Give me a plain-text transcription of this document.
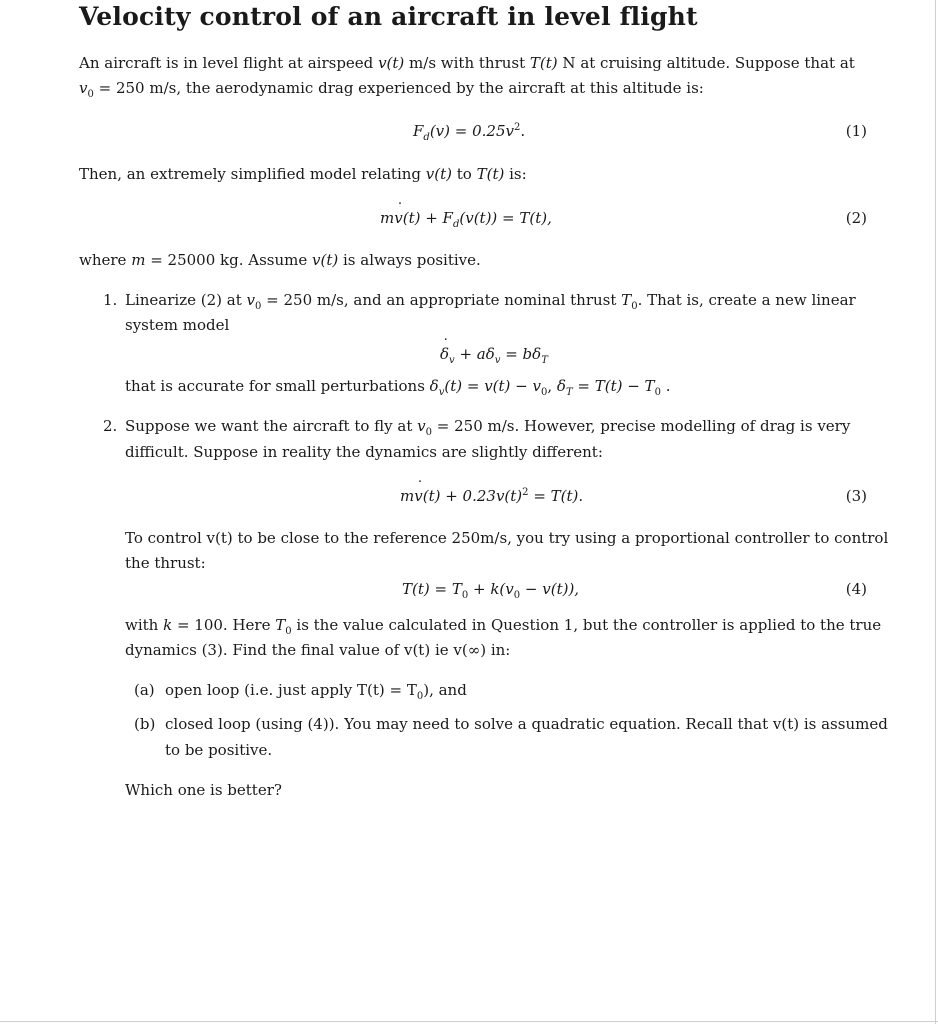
Velocity control of an aircraft in level flight
An aircraft is in level flight at airspeed v(t) m/s with thrust T(t) N at cruising altitude. Suppose that at
$v_0 = 250$ m/s, the aerodynamic drag experienced by the aircraft at this altitude is:
$F_d(v) = 0.25v^2$.	(1)
Then, an extremely simplified model relating v(t) to T(t) is:
m˙ $v(t) + F_d(v(t)) = T(t)$,	(2)
where m = 25000 kg. Assume v(t) is always positive.
1. Linearize (2) at $v_0 = 250$ m/s, and an appropriate nominal thrust $T_0$. That is, create a new linear
system model
˙ $\delta_v + a\delta_v = b\delta_T$
that is accurate for small perturbations $\delta_v(t) = v(t) - v_0$, $\delta_T = T(t) - T_0$ .
2. Suppose we want the aircraft to fly at $v_0 = 250$ m/s. However, precise modelling of drag is very
difficult. Suppose in reality the dynamics are slightly different:
m˙ $v(t) + 0.23v(t)^2 = T(t)$.	(3)
To control v(t) to be close to the reference 250m/s, you try using a proportional controller to control
the thrust:
$T(t) = T_0 + k(v_0 - v(t))$,	(4)
with k = 100. Here $T_0$ is the value calculated in Question 1, but the controller is applied to the true
dynamics (3). Find the final value of v(t) ie v(∞) in:
(a) open loop (i.e. just apply $T(t) = T_0$), and
(b) closed loop (using (4)). You may need to solve a quadratic equation. Recall that v(t) is assumed
to be positive.
Which one is better?
